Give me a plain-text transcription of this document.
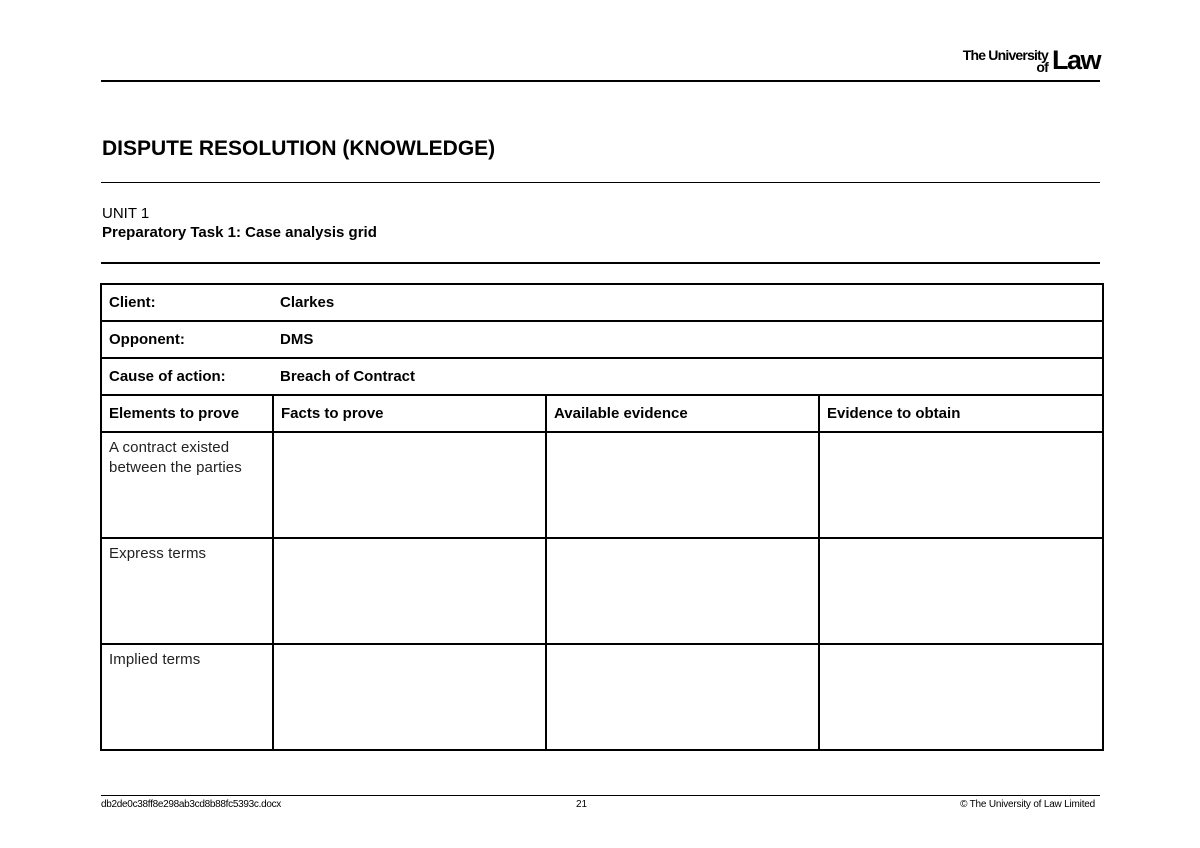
The University
of Law
DISPUTE RESOLUTION (KNOWLEDGE)
UNIT 1
Preparatory Task 1: Case analysis grid
Client:	Clarkes		
Opponent:	DMS		
Cause of action:	Breach of Contract		
Elements to prove	Facts to prove	Available evidence	Evidence to obtain
A contract existed between the parties			
Express terms			
Implied terms			
db2de0c38ff8e298ab3cd8b88fc5393c.docx	21	© The University of Law Limited
